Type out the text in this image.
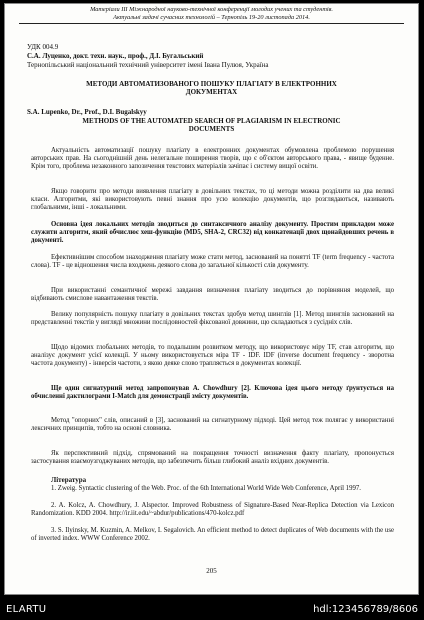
Матеріали ІІІ Міжнародної науково-технічної конференції молодих учених та студентів.
Актуальні задачі сучасних технологій – Тернопіль 19-20 листопада 2014.
УДК 004.9
С.А. Луценко, докт. техн. наук., проф., Д.І. Бугальський
Тернопільський національний технічний університет імені Івана Пулюя, Україна
МЕТОДИ АВТОМАТИЗОВАНОГО ПОШУКУ ПЛАГІАТУ В ЕЛЕКТРОННИХ
ДОКУМЕНТАХ
S.A. Lupenko, Dr., Prof., D.I. Bugalskyy
METHODS OF THE AUTOMATED SEARCH OF PLAGIARISM IN ELECTRONIC
DOCUMENTS
Актуальність автоматизації пошуку плагіату в електронних документах обумовлена проблемою порушення авторських прав. На сьогоднішній день нелегальне поширення творів, що є об'єктом авторського права, - явище буденне. Крім того, проблема незаконного запозичення текстових матеріалів зачіпає і систему вищої освіти.
Якщо говорити про методи виявлення плагіату в довільних текстах, то ці методи можна розділити на два великі класи. Алгоритми, які використовують певні знання про усю колекцію документів, що розглядаються, називають глобальними, інші - локальними.
Основна ідея локальних методів зводиться до синтаксичного аналізу документу. Простим прикладом може служити алгоритм, який обчислює хеш-функцію (MD5, SHA-2, CRC32) від конкатенації двох щонайдовших речень в документі.
Ефективнішим способом знаходження плагіату може стати метод, заснований на понятті TF (term frequency - частота слова). TF - це відношення числа входжень деякого слова до загальної кількості слів документу.
При використанні семантичної мережі завдання визначення плагіату зводиться до порівняння моделей, що відбивають смислове навантаження текстів.
Велику популярність пошуку плагіату в довільних текстах здобув метод шинглів [1]. Метод шинглів заснований на представленні текстів у вигляді множини послідовностей фіксованої довжини, що складаються з сусідніх слів.
Щодо відомих глобальних методів, то подальшим розвитком методу, що використовує міру TF, став алгоритм, що аналізує документ усієї колекції. У ньому використовується міра TF - IDF. IDF (inverse document frequency - зворотна частота документу) - інверсія частоти, з якою деяке слово трапляється в документах колекції.
Ще один сигнатурний метод запропонував A. Chowdhury [2]. Ключова ідея цього методу ґрунтується на обчисленні дактилограми I-Match для демонстрації змісту документів.
Метод "опорних" слів, описаний в [3], заснований на сигнатурному підході. Цей метод теж полягає у використанні лексичних принципів, тобто на основі словника.
Як перспективний підхід, спрямований на покращення точності визначення факту плагіату, пропонується застосування взаємоузгоджуваних методів, що забезпечить більш глибокий аналіз вхідних документів.
Література
1. Zweig. Syntactic clustering of the Web. Proc. of the 6th International World Wide Web Conference, April 1997.
2. A. Kolcz, A. Chowdhury, J. Alspector. Improved Robustness of Signature-Based Near-Replica Detection via Lexicon Randomization. KDD 2004. http://ir.iit.edu/~abdur/publications/470-kolcz.pdf
3. S. Ilyinsky, M. Kuzmin, A. Melkov, I. Segalovich. An efficient method to detect duplicates of Web documents with the use of inverted index. WWW Conference 2002.
205
ELARTU	hdl:123456789/8606
